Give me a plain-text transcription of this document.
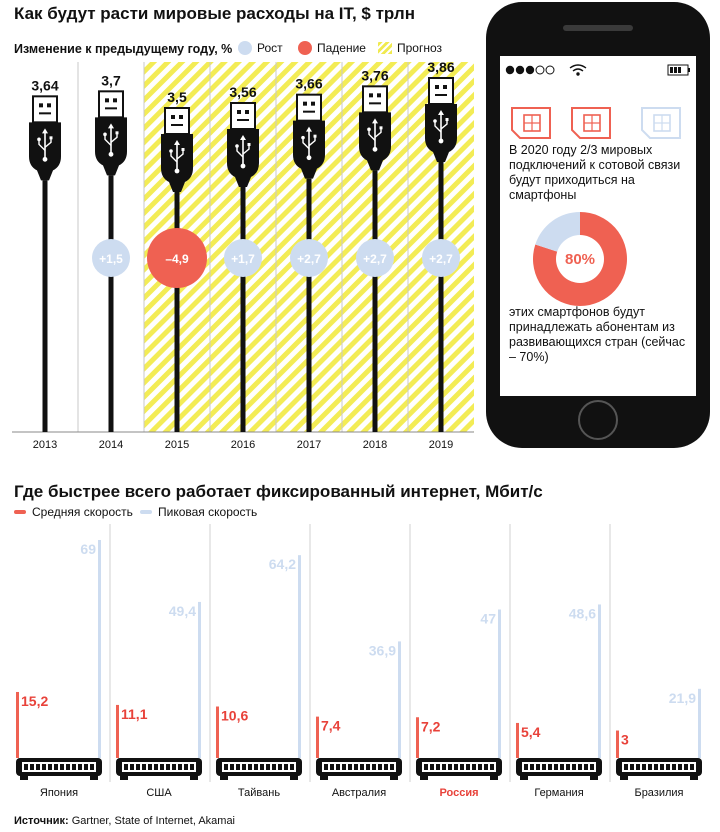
Как будут расти мировые расходы на IT, $ трлн
Изменение к предыдущему году, % Рост	Падение	Прогноз
3,64
2013
3,7
+1,5
2014
3,5
–4,9
2015
3,56
+1,7
2016
3,66
+2,7
2017
3,76
+2,7
2018
3,86
+2,7
2019
80%
В 2020 году 2/3 мировых подключений к сотовой связи будут приходиться на смартфоны
этих смартфонов будут принадлежать абонентам из развивающихся стран (сейчас – 70%)
Где быстрее всего работает фиксированный интернет, Мбит/с
Средняя скорость Пиковая скорость
69
15,2
Япония
49,4
11,1
США
64,2
10,6
Тайвань
36,9
7,4
Австралия
47
7,2
Россия
48,6
5,4
Германия
21,9
3
Бразилия
Источник: Gartner, State of Internet, Akamai
